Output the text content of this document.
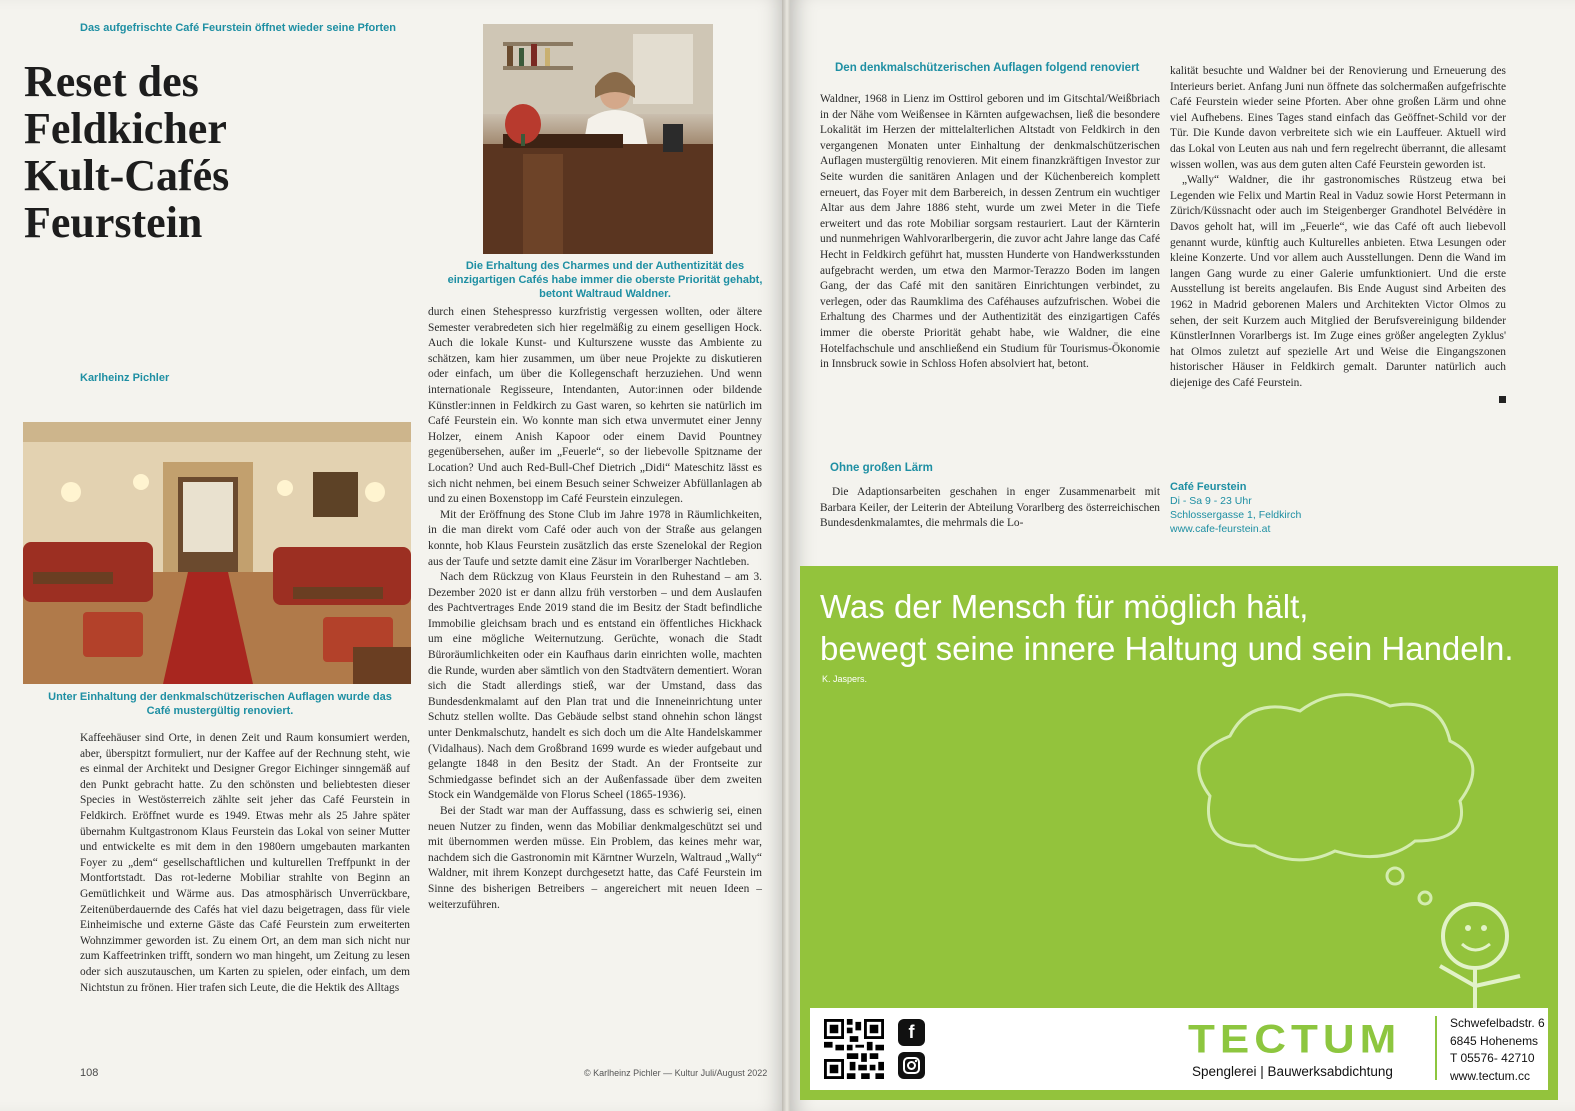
Das aufgefrischte Café Feurstein öffnet wieder seine Pforten
Reset des
Feldkicher
Kult-Cafés
Feurstein
Karlheinz Pichler
Die Erhaltung des Charmes und der Authentizität des einzigartigen Cafés habe immer die oberste Priorität gehabt, betont Waltraud Waldner.
Unter Einhaltung der denkmalschützerischen Auflagen wurde das Café mustergültig renoviert.

Kaffeehäuser sind Orte, in denen Zeit und Raum konsumiert werden, aber, überspitzt formuliert, nur der Kaffee auf der Rechnung steht, wie es einmal der Architekt und Designer Gregor Eichinger sinngemäß auf den Punkt gebracht hatte. Zu den schönsten und beliebtesten dieser Species in Westösterreich zählte seit jeher das Café Feurstein in Feldkirch. Eröffnet wurde es 1949. Etwas mehr als 25 Jahre später übernahm Kultgastronom Klaus Feurstein das Lokal von seiner Mutter und entwickelte es mit dem in den 1980ern umgebauten markanten Foyer zu „dem“ gesellschaftlichen und kulturellen Treffpunkt in der Montfortstadt. Das rot-lederne Mobiliar strahlte von Beginn an Gemütlichkeit und Wärme aus. Das atmosphärisch Unverrückbare, Zeitenüberdauernde des Cafés hat viel dazu beigetragen, dass für viele Einheimische und externe Gäste das Café Feurstein zum erweiterten Wohnzimmer geworden ist. Zu einem Ort, an dem man sich nicht nur zum Kaffeetrinken trifft, sondern wo man hingeht, um Zeitung zu lesen oder sich auszutauschen, um Karten zu spielen, oder einfach, um dem Nichtstun zu frönen. Hier trafen sich Leute, die die Hektik des Alltags

durch einen Stehespresso kurzfristig vergessen wollten, oder ältere Semester verabredeten sich hier regelmäßig zu einem geselligen Hock. Auch die lokale Kunst- und Kulturszene wusste das Ambiente zu schätzen, kam hier zusammen, um über neue Projekte zu diskutieren oder einfach, um über die Kollegenschaft herzuziehen. Und wenn internationale Regisseure, Intendanten, Autor:innen oder bildende Künstler:innen in Feldkirch zu Gast waren, so kehrten sie natürlich im Café Feurstein ein. Wo konnte man sich etwa unvermutet einer Jenny Holzer, einem Anish Kapoor oder einem David Pountney gegenübersehen, außer im „Feuerle“, so der liebevolle Spitzname der Location? Und auch Red-Bull-Chef Dietrich „Didi“ Mateschitz lässt es sich nicht nehmen, bei einem Besuch seiner Schweizer Abfüllanlagen ab und zu einen Boxenstopp im Café Feurstein einzulegen.

Mit der Eröffnung des Stone Club im Jahre 1978 in Räumlichkeiten, in die man direkt vom Café oder auch von der Straße aus gelangen konnte, hob Klaus Feurstein zusätzlich das erste Szenelokal der Region aus der Taufe und setzte damit eine Zäsur im Vorarlberger Nachtleben.

Nach dem Rückzug von Klaus Feurstein in den Ruhestand – am 3. Dezember 2020 ist er dann allzu früh verstorben – und dem Auslaufen des Pachtvertrages Ende 2019 stand die im Besitz der Stadt befindliche Immobilie gleichsam brach und es entstand ein öffentliches Hickhack um eine mögliche Weiternutzung. Gerüchte, wonach die Stadt Büroräumlichkeiten oder ein Kaufhaus darin einrichten wolle, machten die Runde, wurden aber sämtlich von den Stadtvätern dementiert. Woran sich die Stadt allerdings stieß, war der Umstand, dass das Bundesdenkmalamt auf den Plan trat und die Inneneinrichtung unter Schutz stellen wollte. Das Gebäude selbst stand ohnehin schon längst unter Denkmalschutz, handelt es sich doch um die Alte Handelskammer (Vidalhaus). Nach dem Großbrand 1699 wurde es wieder aufgebaut und gelangte 1848 in den Besitz der Stadt. An der Frontseite zur Schmiedgasse befindet sich an der Außenfassade über dem zweiten Stock ein Wandgemälde von Florus Scheel (1865-1936).

Bei der Stadt war man der Auffassung, dass es schwierig sei, einen neuen Nutzer zu finden, wenn das Mobiliar denkmalgeschützt sei und mit übernommen werden müsse. Ein Problem, das keines mehr war, nachdem sich die Gastronomin mit Kärntner Wurzeln, Waltraud „Wally“ Waldner, mit ihrem Konzept durchgesetzt hatte, das Café Feurstein im Sinne des bisherigen Betreibers – angereichert mit neuen Ideen – weiterzuführen.

108	© Karlheinz Pichler — Kultur Juli/August 2022
Den denkmalschützerischen Auflagen folgend renoviert

Waldner, 1968 in Lienz im Osttirol geboren und im Gitschtal/Weißbriach in der Nähe vom Weißensee in Kärnten aufgewachsen, ließ die besondere Lokalität im Herzen der mittelalterlichen Altstadt von Feldkirch in den vergangenen Monaten unter Einhaltung der denkmalschützerischen Auflagen mustergültig renovieren. Mit einem finanzkräftigen Investor zur Seite wurden die sanitären Anlagen und der Küchenbereich komplett erneuert, das Foyer mit dem Barbereich, in dessen Zentrum ein wuchtiger Altar aus dem Jahre 1886 steht, wurde um zwei Meter in die Tiefe erweitert und das rote Mobiliar sorgsam restauriert. Laut der Kärnterin und nunmehrigen Wahlvorarlbergerin, die zuvor acht Jahre lange das Café Hecht in Feldkirch geführt hat, mussten Hunderte von Handwerksstunden aufgebracht werden, um etwa den Marmor-Terazzo Boden im langen Gang, der das Café mit den sanitären Einrichtungen verbindet, zu verlegen, oder das Raumklima des Caféhauses aufzufrischen. Wobei die Erhaltung des Charmes und der Authentizität des einzigartigen Cafés immer die oberste Priorität gehabt habe, wie Waldner, die eine Hotelfachschule und anschließend ein Studium für Tourismus-Ökonomie in Innsbruck sowie in Schloss Hofen absolviert hat, betont.

Ohne großen Lärm

Die Adaptionsarbeiten geschahen in enger Zusammenarbeit mit Barbara Keiler, der Leiterin der Abteilung Vorarlberg des österreichischen Bundesdenkmalamtes, die mehrmals die Lo-

kalität besuchte und Waldner bei der Renovierung und Erneuerung des Interieurs beriet. Anfang Juni nun öffnete das solchermaßen aufgefrischte Café Feurstein wieder seine Pforten. Aber ohne großen Lärm und ohne viel Aufhebens. Eines Tages stand einfach das Geöffnet-Schild vor der Tür. Die Kunde davon verbreitete sich wie ein Lauffeuer. Aktuell wird das Lokal von Leuten aus nah und fern regelrecht überrannt, die allesamt wissen wollen, was aus dem guten alten Café Feurstein geworden ist.

„Wally“ Waldner, die ihr gastronomisches Rüstzeug etwa bei Legenden wie Felix und Martin Real in Vaduz sowie Horst Petermann in Zürich/Küssnacht oder auch im Steigenberger Grandhotel Belvédère in Davos geholt hat, will im „Feuerle“, wie das Café oft auch liebevoll genannt wurde, künftig auch Kulturelles anbieten. Etwa Lesungen oder kleine Konzerte. Und vor allem auch Ausstellungen. Denn die Wand im langen Gang wurde zu einer Galerie umfunktioniert. Und die erste Ausstellung ist bereits angelaufen. Bis Ende August sind Arbeiten des 1962 in Madrid geborenen Malers und Architekten Victor Olmos zu sehen, der seit Kurzem auch Mitglied der Berufsvereinigung bildender KünstlerInnen Vorarlbergs ist. Im Zuge eines größer angelegten Zyklus' hat Olmos zuletzt auf spezielle Art und Weise die Eingangszonen historischer Häuser in Feldkirch gemalt. Darunter natürlich auch diejenige des Café Feurstein.

Café Feurstein
Di - Sa 9 - 23 Uhr
Schlossergasse 1, Feldkirch
www.cafe-feurstein.at
Was der Mensch für möglich hält,
bewegt seine innere Haltung und sein Handeln.
K. Jaspers.
f	TECTUM
Spenglerei | Bauwerksabdichtung
Schwefelbadstr. 6
6845 Hohenems
T 05576- 42710
www.tectum.cc
